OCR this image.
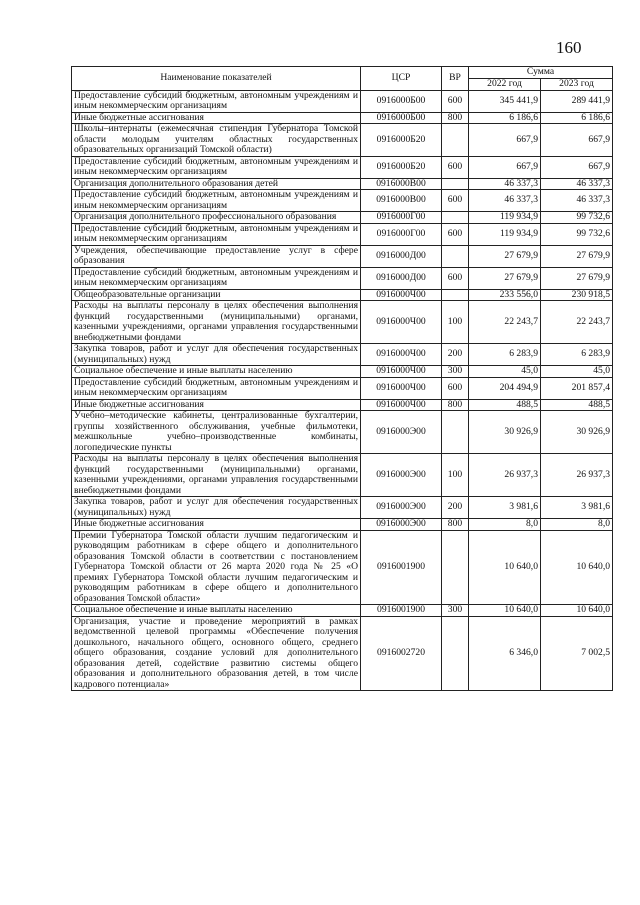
160
Наименование показателей	ЦСР	ВР	Сумма	
			2022 год	2023 год
Предоставление субсидий бюджетным, автономным учреждениям и иным некоммерческим организациям	0916000Б00	600	345 441,9	289 441,9
Иные бюджетные ассигнования	0916000Б00	800	6 186,6	6 186,6
Школы–интернаты (ежемесячная стипендия Губернатора Томской области молодым учителям областных государственных образовательных организаций Томской области)	0916000Б20		667,9	667,9
Предоставление субсидий бюджетным, автономным учреждениям и иным некоммерческим организациям	0916000Б20	600	667,9	667,9
Организация дополнительного образования детей	0916000В00		46 337,3	46 337,3
Предоставление субсидий бюджетным, автономным учреждениям и иным некоммерческим организациям	0916000В00	600	46 337,3	46 337,3
Организация дополнительного профессионального образования	0916000Г00		119 934,9	99 732,6
Предоставление субсидий бюджетным, автономным учреждениям и иным некоммерческим организациям	0916000Г00	600	119 934,9	99 732,6
Учреждения, обеспечивающие предоставление услуг в сфере образования	0916000Д00		27 679,9	27 679,9
Предоставление субсидий бюджетным, автономным учреждениям и иным некоммерческим организациям	0916000Д00	600	27 679,9	27 679,9
Общеобразовательные организации	0916000Ч00		233 556,0	230 918,5
Расходы на выплаты персоналу в целях обеспечения выполнения функций государственными (муниципальными) органами, казенными учреждениями, органами управления государственными внебюджетными фондами	0916000Ч00	100	22 243,7	22 243,7
Закупка товаров, работ и услуг для обеспечения государственных (муниципальных) нужд	0916000Ч00	200	6 283,9	6 283,9
Социальное обеспечение и иные выплаты населению	0916000Ч00	300	45,0	45,0
Предоставление субсидий бюджетным, автономным учреждениям и иным некоммерческим организациям	0916000Ч00	600	204 494,9	201 857,4
Иные бюджетные ассигнования	0916000Ч00	800	488,5	488,5
Учебно–методические кабинеты, централизованные бухгалтерии, группы хозяйственного обслуживания, учебные фильмотеки, межшкольные учебно–производственные комбинаты, логопедические пункты	0916000Э00		30 926,9	30 926,9
Расходы на выплаты персоналу в целях обеспечения выполнения функций государственными (муниципальными) органами, казенными учреждениями, органами управления государственными внебюджетными фондами	0916000Э00	100	26 937,3	26 937,3
Закупка товаров, работ и услуг для обеспечения государственных (муниципальных) нужд	0916000Э00	200	3 981,6	3 981,6
Иные бюджетные ассигнования	0916000Э00	800	8,0	8,0
Премии Губернатора Томской области лучшим педагогическим и руководящим работникам в сфере общего и дополнительного образования Томской области в соответствии с постановлением Губернатора Томской области от 26 марта 2020 года № 25 «О премиях Губернатора Томской области лучшим педагогическим и руководящим работникам в сфере общего и дополнительного образования Томской области»	0916001900		10 640,0	10 640,0
Социальное обеспечение и иные выплаты населению	0916001900	300	10 640,0	10 640,0
Организация, участие и проведение мероприятий в рамках ведомственной целевой программы «Обеспечение получения дошкольного, начального общего, основного общего, среднего общего образования, создание условий для дополнительного образования детей, содействие развитию системы общего образования и дополнительного образования детей, в том числе кадрового потенциала»	0916002720		6 346,0	7 002,5
